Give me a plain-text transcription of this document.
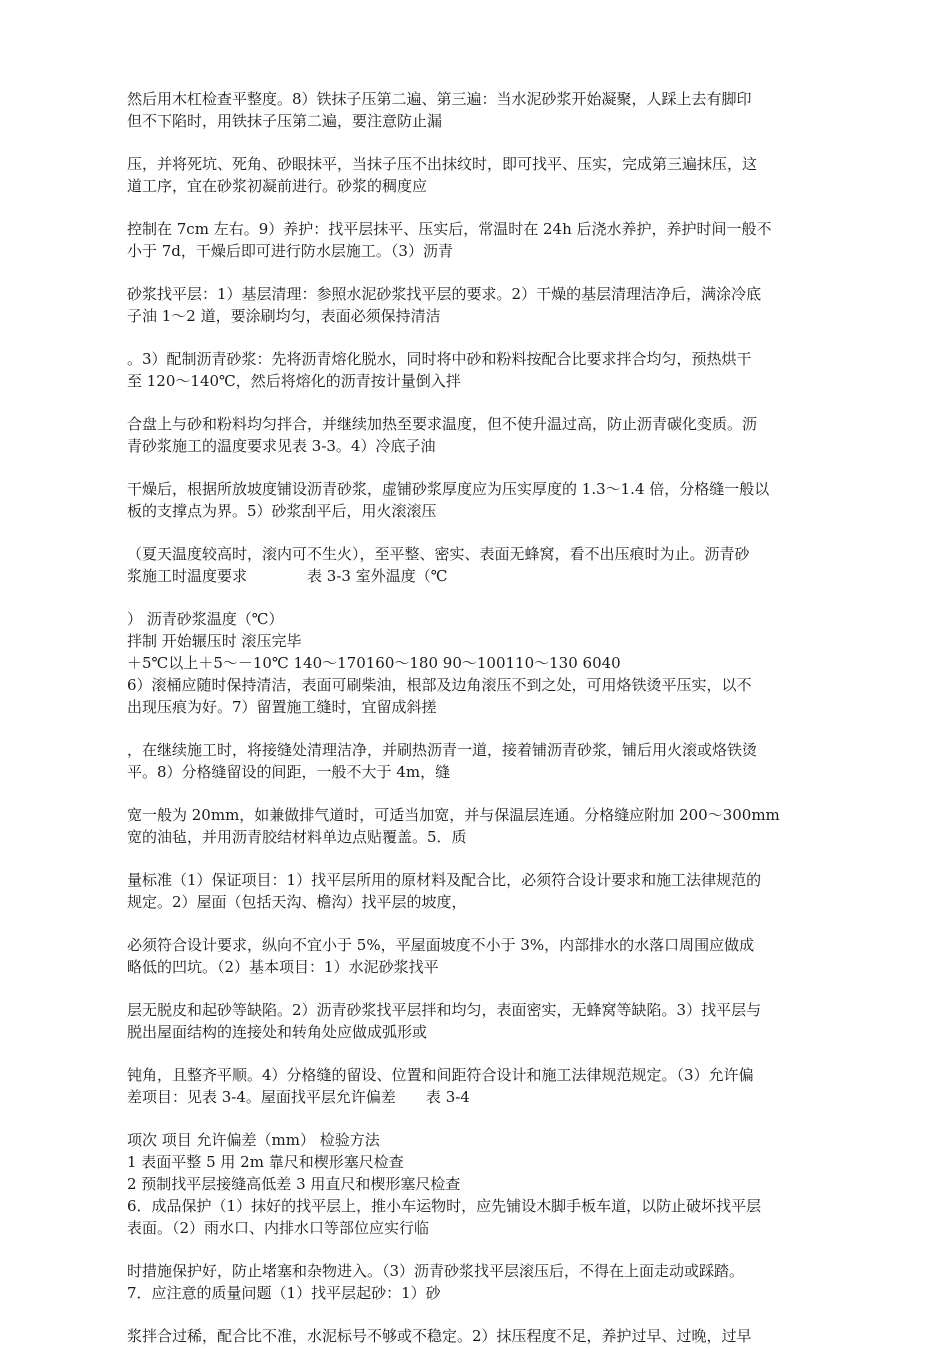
然后用木杠检查平整度。8）铁抹子压第二遍、第三遍：当水泥砂浆开始凝聚，人踩上去有脚印
但不下陷时，用铁抹子压第二遍，要注意防止漏
压，并将死坑、死角、砂眼抹平，当抹子压不出抹纹时，即可找平、压实，完成第三遍抹压，这
道工序，宜在砂浆初凝前进行。砂浆的稠度应
控制在 7cm 左右。9）养护：找平层抹平、压实后，常温时在 24h 后浇水养护，养护时间一般不
小于 7d，干燥后即可进行防水层施工。（3）沥青
砂浆找平层：1）基层清理：参照水泥砂浆找平层的要求。2）干燥的基层清理洁净后，满涂冷底
子油 1～2 道，要涂刷均匀，表面必须保持清洁
。3）配制沥青砂浆：先将沥青熔化脱水，同时将中砂和粉料按配合比要求拌合均匀，预热烘干
至 120～140℃，然后将熔化的沥青按计量倒入拌
合盘上与砂和粉料均匀拌合，并继续加热至要求温度，但不使升温过高，防止沥青碳化变质。沥
青砂浆施工的温度要求见表 3-3。4）冷底子油
干燥后，根据所放坡度铺设沥青砂浆，虚铺砂浆厚度应为压实厚度的 1.3～1.4 倍，分格缝一般以
板的支撑点为界。5）砂浆刮平后，用火滚滚压
（夏天温度较高时，滚内可不生火），至平整、密实、表面无蜂窝，看不出压痕时为止。沥青砂
浆施工时温度要求　　　　表 3-3 室外温度（℃
） 沥青砂浆温度（℃）
拌制 开始辗压时 滚压完毕
＋5℃以上＋5～－10℃ 140～170160～180 90～100110～130 6040
6）滚桶应随时保持清洁，表面可刷柴油，根部及边角滚压不到之处，可用烙铁烫平压实，以不
出现压痕为好。7）留置施工缝时，宜留成斜搓
，在继续施工时，将接缝处清理洁净，并刷热沥青一道，接着铺沥青砂浆，铺后用火滚或烙铁烫
平。8）分格缝留设的间距，一般不大于 4m，缝
宽一般为 20mm，如兼做排气道时，可适当加宽，并与保温层连通。分格缝应附加 200～300mm
宽的油毡，并用沥青胶结材料单边点贴覆盖。5．质
量标准（1）保证项目：1）找平层所用的原材料及配合比，必须符合设计要求和施工法律规范的
规定。2）屋面（包括天沟、檐沟）找平层的坡度，
必须符合设计要求，纵向不宜小于 5%，平屋面坡度不小于 3%，内部排水的水落口周围应做成
略低的凹坑。（2）基本项目：1）水泥砂浆找平
层无脱皮和起砂等缺陷。2）沥青砂浆找平层拌和均匀，表面密实，无蜂窝等缺陷。3）找平层与
脱出屋面结构的连接处和转角处应做成弧形或
钝角，且整齐平顺。4）分格缝的留设、位置和间距符合设计和施工法律规范规定。（3）允许偏
差项目：见表 3-4。屋面找平层允许偏差　　表 3-4
项次 项目 允许偏差（mm） 检验方法
1 表面平整 5 用 2m 靠尺和楔形塞尺检查
2 预制找平层接缝高低差 3 用直尺和楔形塞尺检查
6．成品保护（1）抹好的找平层上，推小车运物时，应先铺设木脚手板车道，以防止破坏找平层
表面。（2）雨水口、内排水口等部位应实行临
时措施保护好，防止堵塞和杂物进入。（3）沥青砂浆找平层滚压后，不得在上面走动或踩踏。
7．应注意的质量问题（1）找平层起砂：1）砂
浆拌合过稀，配合比不准，水泥标号不够或不稳定。2）抹压程度不足，养护过早、过晚，过早
